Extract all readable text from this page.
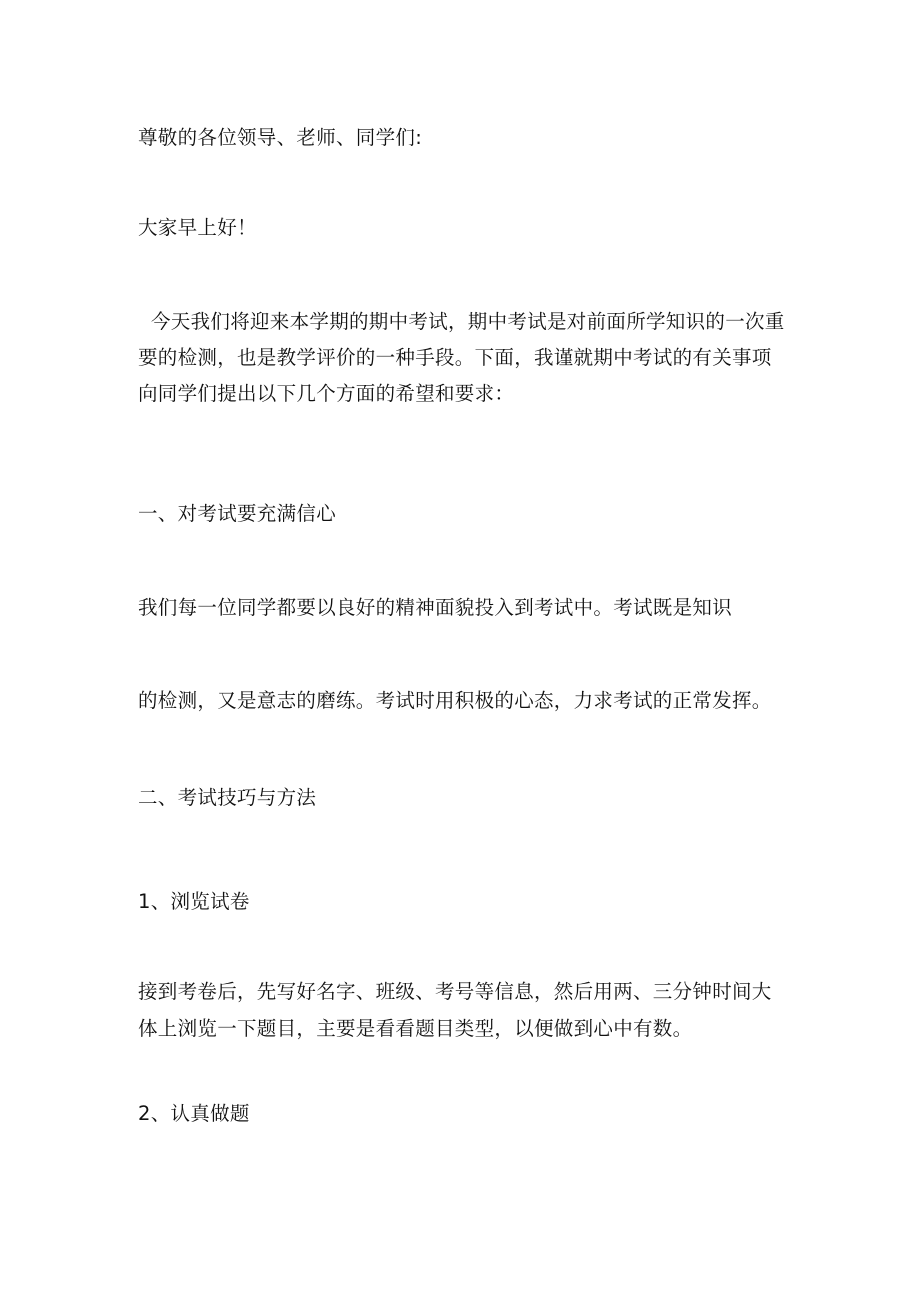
尊敬的各位领导、老师、同学们:

大家早上好！

今天我们将迎来本学期的期中考试，期中考试是对前面所学知识的一次重
要的检测，也是教学评价的一种手段。下面，我谨就期中考试的有关事项
向同学们提出以下几个方面的希望和要求：

一、对考试要充满信心

我们每一位同学都要以良好的精神面貌投入到考试中。考试既是知识

的检测，又是意志的磨练。考试时用积极的心态，力求考试的正常发挥。

二、考试技巧与方法

1、浏览试卷

接到考卷后，先写好名字、班级、考号等信息，然后用两、三分钟时间大
体上浏览一下题目，主要是看看题目类型，以便做到心中有数。

2、认真做题
